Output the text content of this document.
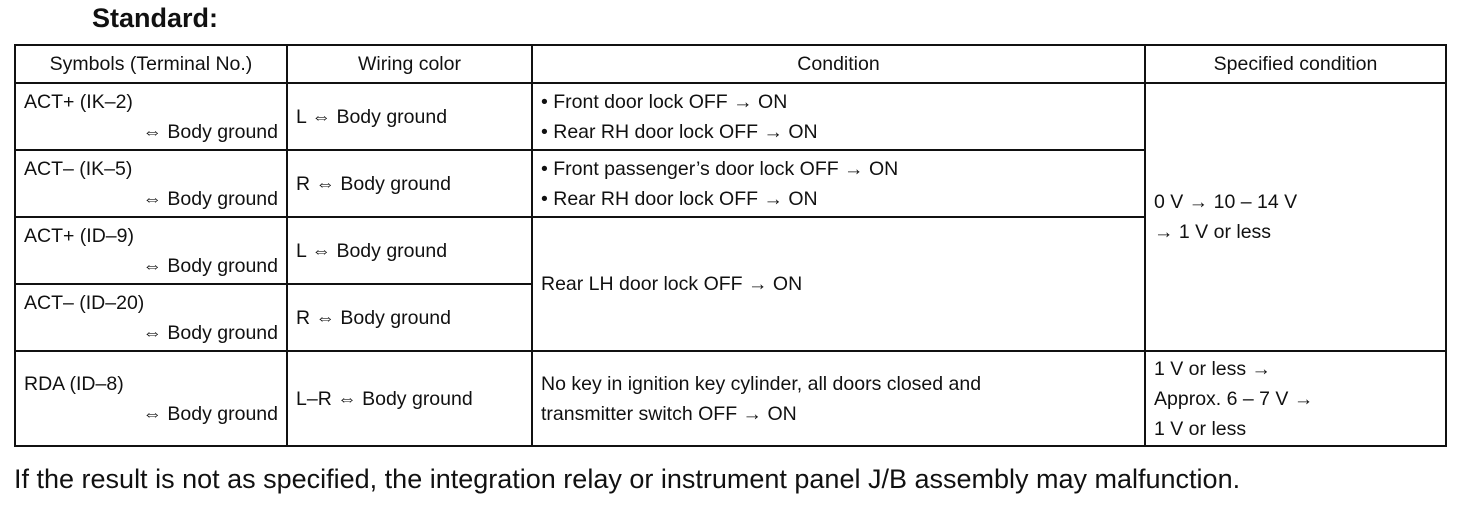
Standard:
Symbols (Terminal No.)	Wiring color	Condition	Specified condition

ACT+ (IK–2)
⇔ Body ground	L ⇔ Body ground	• Front door lock OFF → ON
• Rear RH door lock OFF → ON	0 V → 10 – 14 V
→ 1 V or less

ACT– (IK–5)
⇔ Body ground	R ⇔ Body ground	• Front passenger’s door lock OFF → ON
• Rear RH door lock OFF → ON	

ACT+ (ID–9)
⇔ Body ground	L ⇔ Body ground	Rear LH door lock OFF → ON	

ACT– (ID–20)
⇔ Body ground	R ⇔ Body ground		

RDA (ID–8)
⇔ Body ground	L–R ⇔ Body ground	No key in ignition key cylinder, all doors closed and
transmitter switch OFF → ON	1 V or less →
Approx. 6 – 7 V →
1 V or less
If the result is not as specified, the integration relay or instrument panel J/B assembly may malfunction.
